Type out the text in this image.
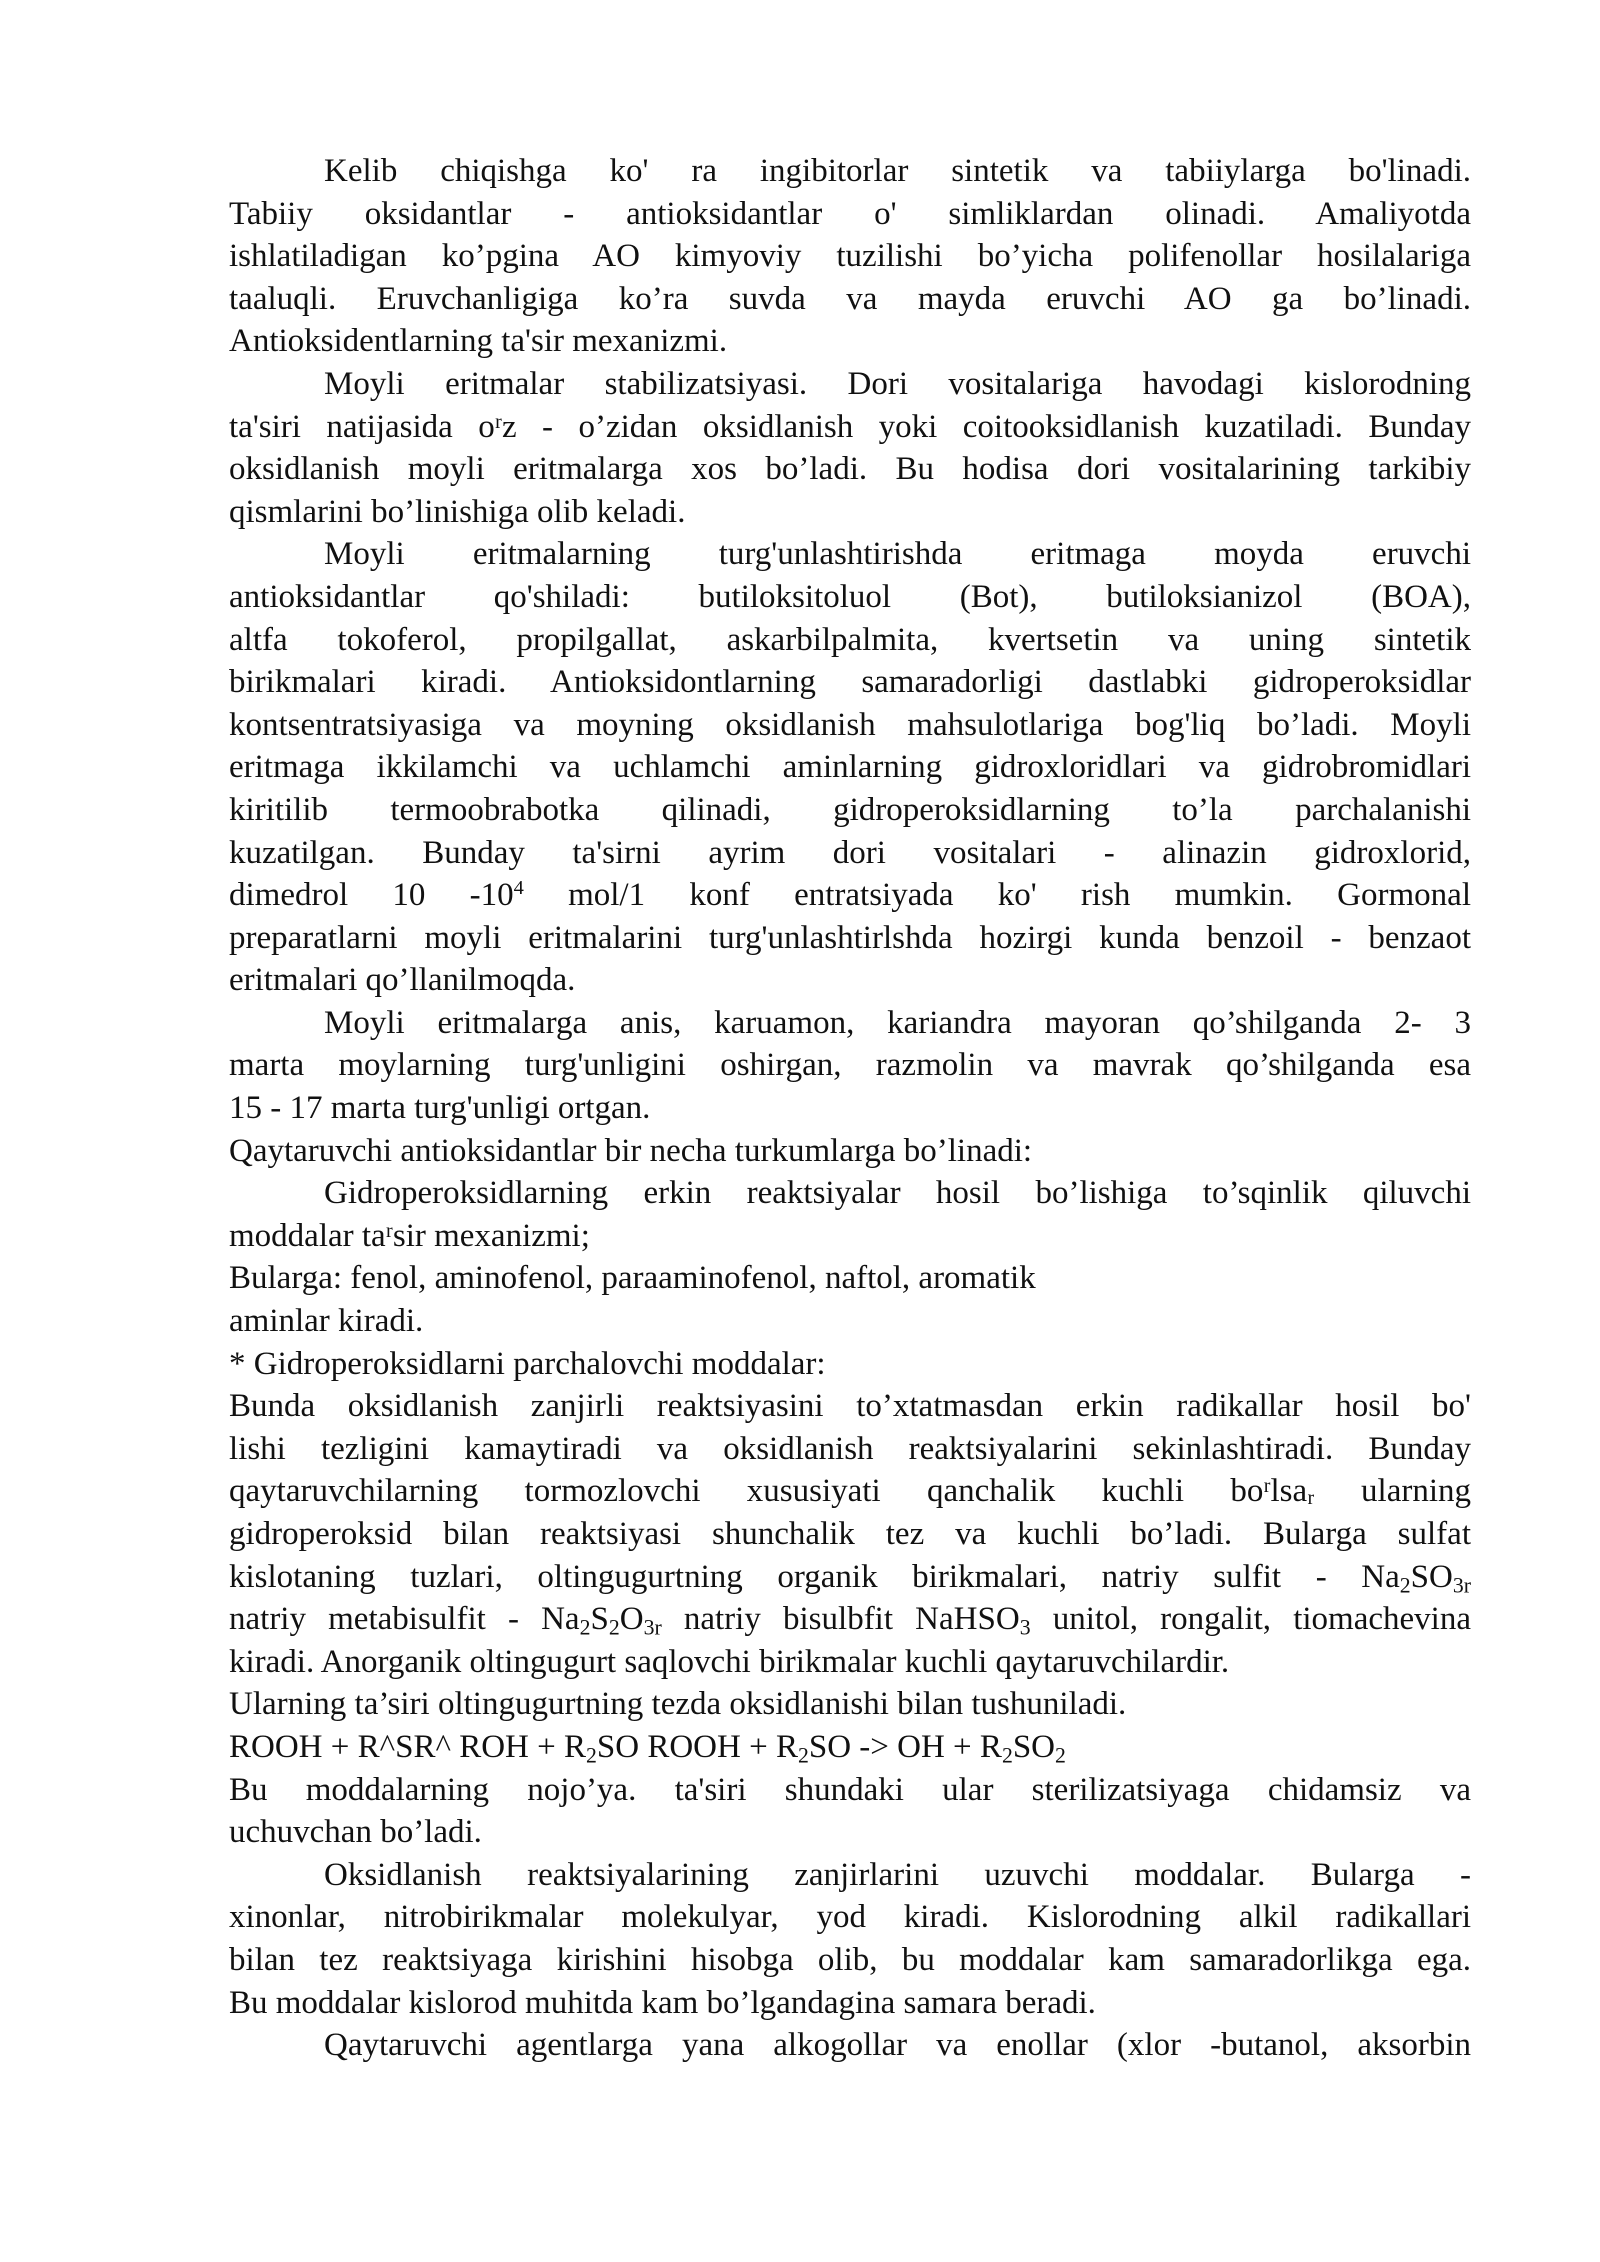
Kelib chiqishga ko' ra ingibitorlar sintetik va tabiiylarga bo'linadi.
Tabiiy oksidantlar - antioksidantlar o' simliklardan olinadi. Amaliyotda
ishlatiladigan ko’pgina AO kimyoviy tuzilishi bo’yicha polifenollar hosilalariga
taaluqli. Eruvchanligiga ko’ra suvda va mayda eruvchi AO ga bo’linadi.
Antioksidentlarning ta'sir mexanizmi.
Moyli eritmalar stabilizatsiyasi. Dori vositalariga havodagi kislorodning
ta'siri natijasida oʳz - o’zidan oksidlanish yoki coitooksidlanish kuzatiladi. Bunday
oksidlanish moyli eritmalarga xos bo’ladi. Bu hodisa dori vositalarining tarkibiy
qismlarini bo’linishiga olib keladi.
Moyli eritmalarning turg'unlashtirishda eritmaga moyda eruvchi
antioksidantlar qo'shiladi: butiloksitoluol (Bot), butiloksianizol (BOA),
altfa tokoferol, propilgallat, askarbilpalmita, kvertsetin va uning sintetik
birikmalari kiradi. Antioksidontlarning samaradorligi dastlabki gidroperoksidlar
kontsentratsiyasiga va moyning oksidlanish mahsulotlariga bog'liq bo’ladi. Moyli
eritmaga ikkilamchi va uchlamchi aminlarning gidroxloridlari va gidrobromidlari
kiritilib termoobrabotka qilinadi, gidroperoksidlarning to’la parchalanishi
kuzatilgan. Bunday ta'sirni ayrim dori vositalari - alinazin gidroxlorid,
dimedrol 10 $-10^4$ mol/1 konf entratsiyada ko' rish mumkin. Gormonal
preparatlarni moyli eritmalarini turg'unlashtirlshda hozirgi kunda benzoil - benzaot
eritmalari qo’llanilmoqda.
Moyli eritmalarga anis, karuamon, kariandra mayoran qo’shilganda 2- 3
marta moylarning turg'unligini oshirgan, razmolin va mavrak qo’shilganda esa
15 - 17 marta turg'unligi ortgan.
Qaytaruvchi antioksidantlar bir necha turkumlarga bo’linadi:
Gidroperoksidlarning erkin reaktsiyalar hosil bo’lishiga to’sqinlik qiluvchi
moddalar taʳsir mexanizmi;
Bularga: fenol, aminofenol, paraaminofenol, naftol, aromatik
aminlar kiradi.
* Gidroperoksidlarni parchalovchi moddalar:
Bunda oksidlanish zanjirli reaktsiyasini to’xtatmasdan erkin radikallar hosil bo'
lishi tezligini kamaytiradi va oksidlanish reaktsiyalarini sekinlashtiradi. Bunday
qaytaruvchilarning tormozlovchi xususiyati qanchalik kuchli boʳlsaᵣ ularning
gidroperoksid bilan reaktsiyasi shunchalik tez va kuchli bo’ladi. Bularga sulfat
kislotaning tuzlari, oltingugurtning organik birikmalari, natriy sulfit - $Na_2SO_{3r}$
natriy metabisulfit - $Na_2S_2O_{3r}$ natriy bisulbfit NaHSO$_3$ unitol, rongalit, tiomachevina
kiradi. Anorganik oltingugurt saqlovchi birikmalar kuchli qaytaruvchilardir.
Ularning ta’siri oltingugurtning tezda oksidlanishi bilan tushuniladi.
ROOH + R^SR^ ROH + $R_2SO$ ROOH + $R_2SO$ -> OH + $R_2SO_2$
Bu moddalarning nojo’ya. ta'siri shundaki ular sterilizatsiyaga chidamsiz va
uchuvchan bo’ladi.
Oksidlanish reaktsiyalarining zanjirlarini uzuvchi moddalar. Bularga -
xinonlar, nitrobirikmalar molekulyar, yod kiradi. Kislorodning alkil radikallari
bilan tez reaktsiyaga kirishini hisobga olib, bu moddalar kam samaradorlikga ega.
Bu moddalar kislorod muhitda kam bo’lgandagina samara beradi.
Qaytaruvchi agentlarga yana alkogollar va enollar (xlor -butanol, aksorbin
